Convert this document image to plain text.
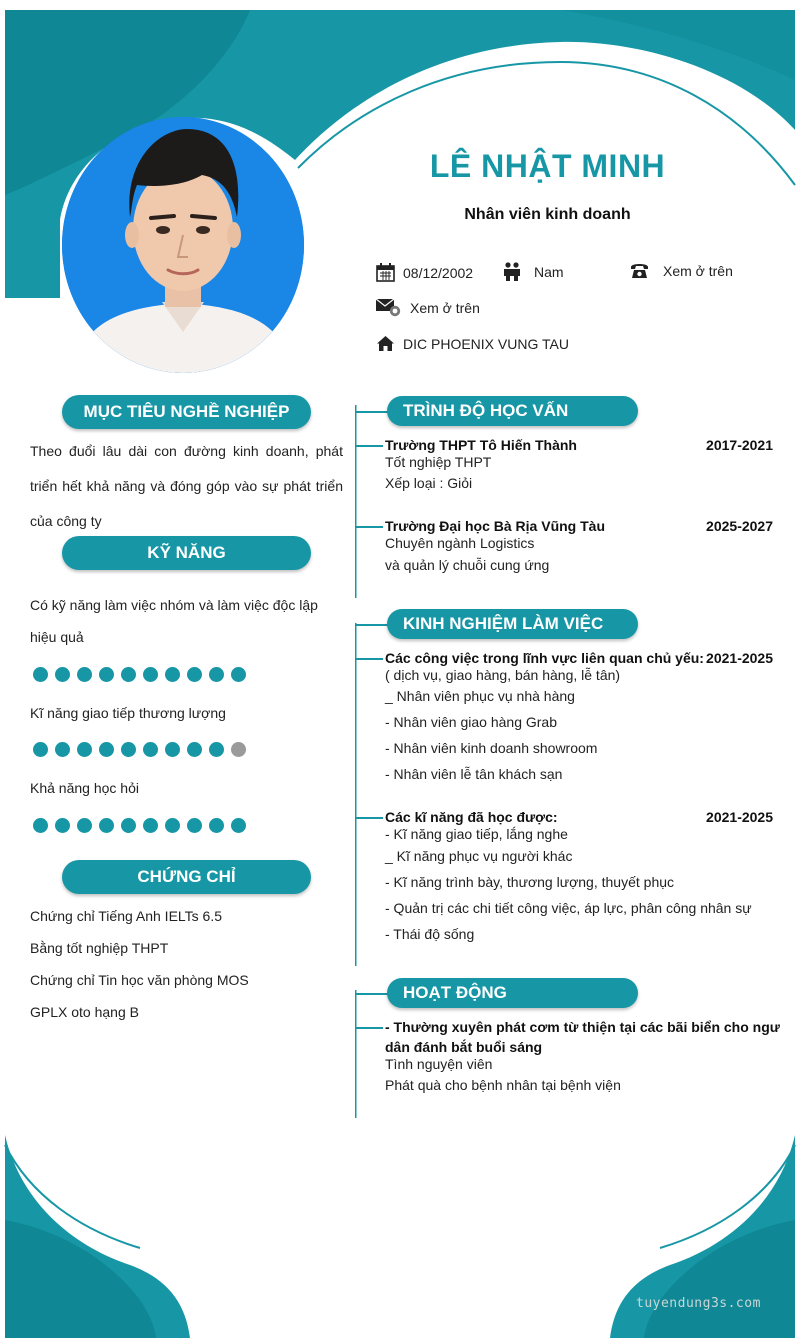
LÊ NHẬT MINH
Nhân viên kinh doanh
08/12/2002	Nam	Xem ở trên
Xem ở trên
DIC PHOENIX VUNG TAU
MỤC TIÊU NGHỀ NGHIỆP
Theo đuổi lâu dài con đường kinh doanh, phát triển hết khả năng và đóng góp vào sự phát triển của công ty
KỸ NĂNG
Có kỹ năng làm việc nhóm và làm việc độc lập
hiệu quả
Kĩ năng giao tiếp thương lượng
Khả năng học hỏi
CHỨNG CHỈ
Chứng chỉ Tiếng Anh IELTs 6.5
Bằng tốt nghiệp THPT
Chứng chỉ Tin học văn phòng MOS
GPLX oto hạng B
TRÌNH ĐỘ HỌC VẤN
Trường THPT Tô Hiến Thành	2017-2021
Tốt nghiệp THPT
Xếp loại : Giỏi
Trường Đại học Bà Rịa Vũng Tàu	2025-2027
Chuyên ngành Logistics
và quản lý chuỗi cung ứng
KINH NGHIỆM LÀM VIỆC
Các công việc trong lĩnh vực liên quan chủ yếu: 2021-2025
( dịch vụ, giao hàng, bán hàng, lễ tân)
_ Nhân viên phục vụ nhà hàng
- Nhân viên giao hàng Grab
- Nhân viên kinh doanh showroom
- Nhân viên lễ tân khách sạn
Các kĩ năng đã học được:	2021-2025
- Kĩ năng giao tiếp, lắng nghe
_ Kĩ năng phục vụ người khác
- Kĩ năng trình bày, thương lượng, thuyết phục
- Quản trị các chi tiết công việc, áp lực, phân công nhân sự
- Thái độ sống
HOẠT ĐỘNG
- Thường xuyên phát cơm từ thiện tại các bãi biển cho ngư
dân đánh bắt buổi sáng
Tình nguyện viên
Phát quà cho bệnh nhân tại bệnh viện
tuyendung3s.com
